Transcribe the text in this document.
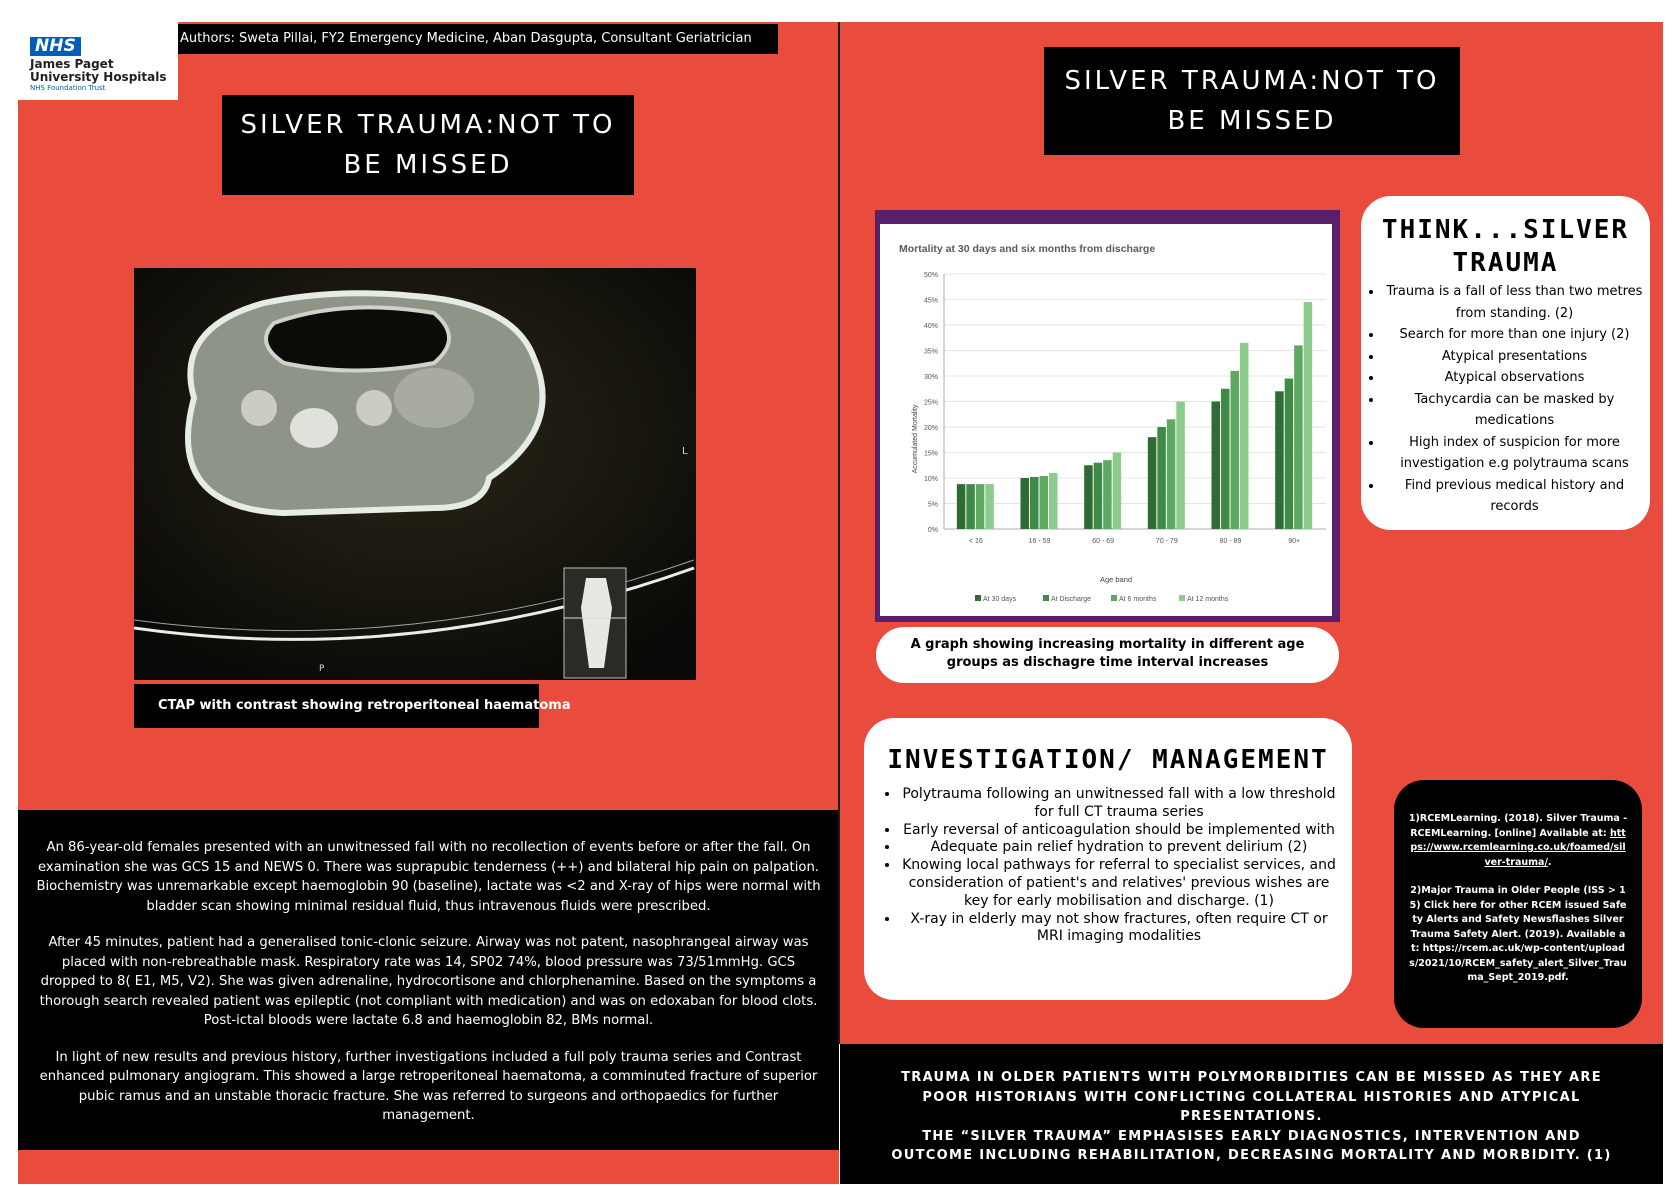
NHS
James Paget
University Hospitals
NHS Foundation Trust
Authors: Sweta Pillai, FY2 Emergency Medicine, Aban Dasgupta, Consultant Geriatrician
SILVER TRAUMA:NOT TO
BE MISSED
L
P
CTAP with contrast showing retroperitoneal haematoma

An 86-year-old females presented with an unwitnessed fall with no recollection of events before or after the fall. On examination she was GCS 15 and NEWS 0. There was suprapubic tenderness (++) and bilateral hip pain on palpation. Biochemistry was unremarkable except haemoglobin 90 (baseline), lactate was <2 and X-ray of hips were normal with bladder scan showing minimal residual fluid, thus intravenous fluids were prescribed.

After 45 minutes, patient had a generalised tonic-clonic seizure. Airway was not patent, nasophrangeal airway was placed with non-rebreathable mask. Respiratory rate was 14, SP02 74%, blood pressure was 73/51mmHg. GCS dropped to 8( E1, M5, V2). She was given adrenaline, hydrocortisone and chlorphenamine. Based on the symptoms a thorough search revealed patient was epileptic (not compliant with medication) and was on edoxaban for blood clots. Post-ictal bloods were lactate 6.8 and haemoglobin 82, BMs normal.

In light of new results and previous history, further investigations included a full poly trauma series and Contrast enhanced pulmonary angiogram. This showed a large retroperitoneal haematoma, a comminuted fracture of superior pubic ramus and an unstable thoracic fracture. She was referred to surgeons and orthopaedics for further management.

SILVER TRAUMA:NOT TO
BE MISSED
Mortality at 30 days and six months from discharge
Accumulated Mortality
Age band
0%
5%
10%
15%
20%
25%
30%
35%
40%
45%
50%
< 16	16 - 59	60 - 69	70 - 79	80 - 89	90+
At 30 days	At Discharge	At 6 months	At 12 months
A graph showing increasing mortality in different age groups as dischagre time interval increases
THINK...SILVER
TRAUMA
• Trauma is a fall of less than two metres from standing. (2)
• Search for more than one injury (2)
• Atypical presentations
• Atypical observations
• Tachycardia can be masked by medications
• High index of suspicion for more investigation e.g polytrauma scans
• Find previous medical history and records
INVESTIGATION/ MANAGEMENT
• Polytrauma following an unwitnessed fall with a low threshold for full CT trauma series
• Early reversal of anticoagulation should be implemented with
• Adequate pain relief hydration to prevent delirium (2)
• Knowing local pathways for referral to specialist services, and consideration of patient's and relatives' previous wishes are key for early mobilisation and discharge. (1)
• X-ray in elderly may not show fractures, often require CT or MRI imaging modalities
1)RCEMLearning. (2018). Silver Trauma - RCEMLearning. [online] Available at: https://www.rcemlearning.co.uk/foamed/silver-trauma/.
2)Major Trauma in Older People (ISS > 15) Click here for other RCEM issued Safety Alerts and Safety Newsflashes Silver Trauma Safety Alert. (2019). Available at: https://rcem.ac.uk/wp-content/uploads/2021/10/RCEM_safety_alert_Silver_Trauma_Sept_2019.pdf.
TRAUMA IN OLDER PATIENTS WITH POLYMORBIDITIES CAN BE MISSED AS THEY ARE POOR HISTORIANS WITH CONFLICTING COLLATERAL HISTORIES AND ATYPICAL PRESENTATIONS.
THE “SILVER TRAUMA” EMPHASISES EARLY DIAGNOSTICS, INTERVENTION AND OUTCOME INCLUDING REHABILITATION, DECREASING MORTALITY AND MORBIDITY. (1)
